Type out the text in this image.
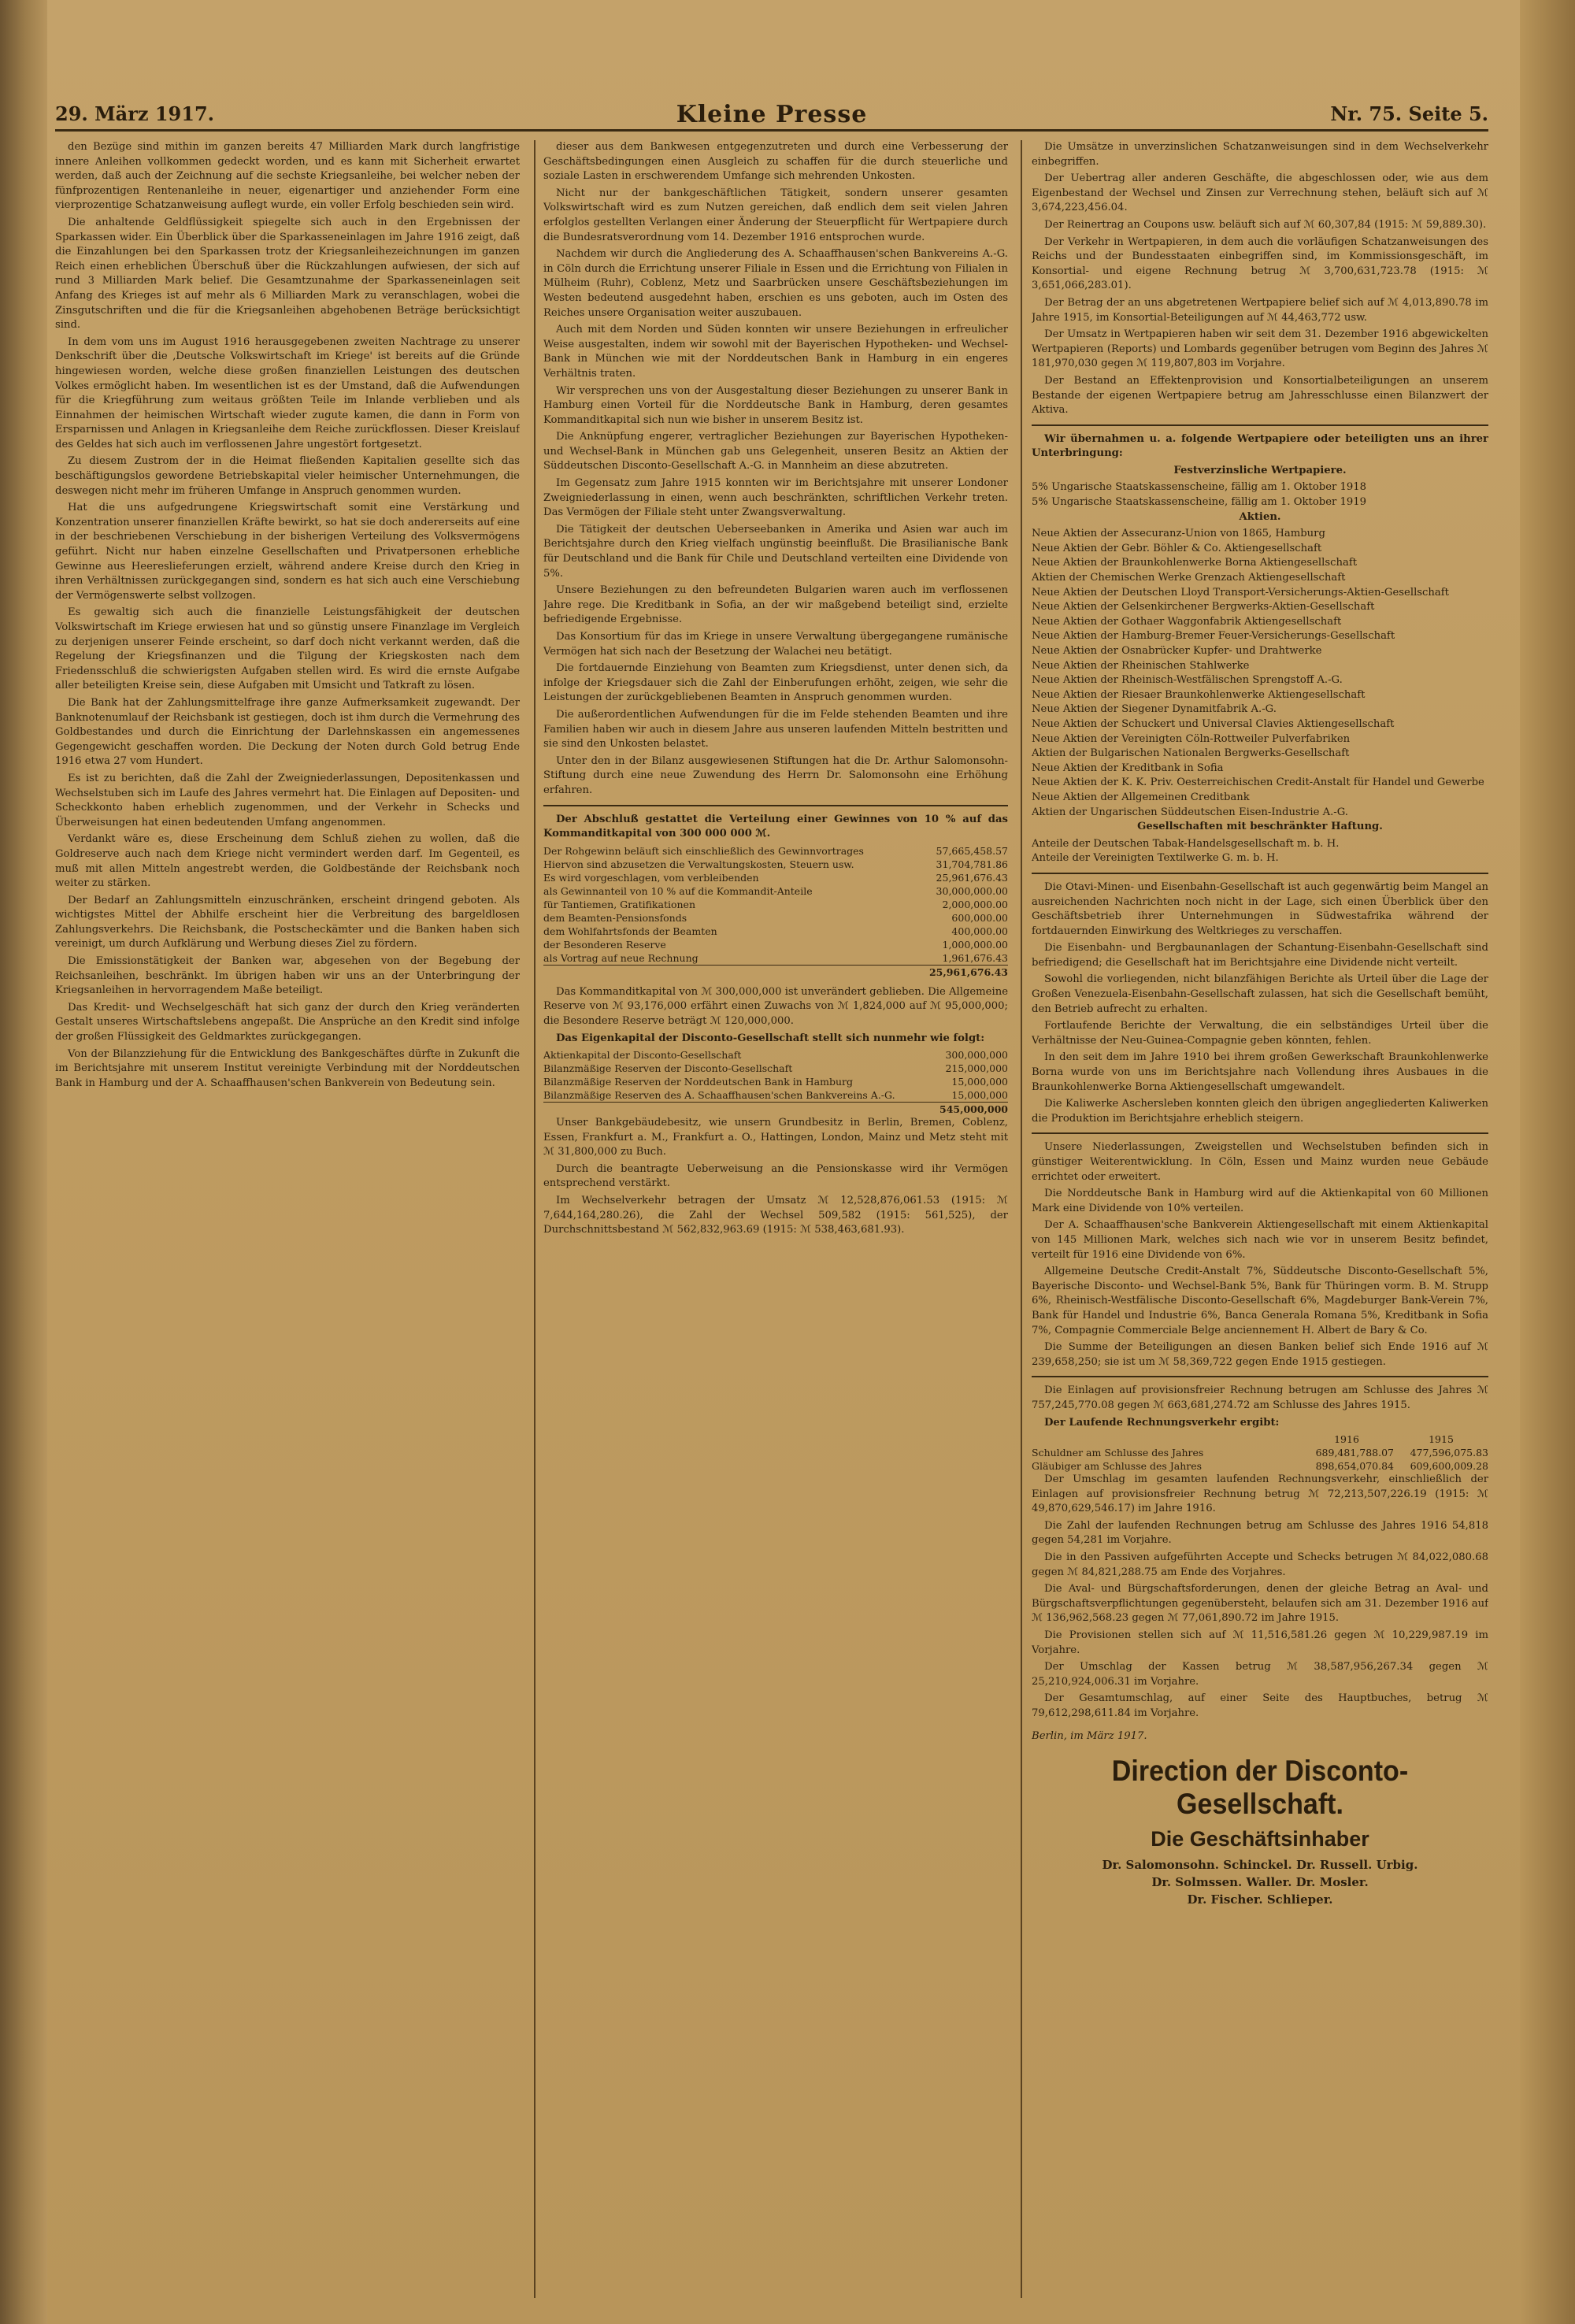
29. März 1917.	Kleine Presse	Nr. 75. Seite 5.

den Bezüge sind mithin im ganzen bereits 47 Milliarden Mark durch langfristige innere Anleihen vollkommen gedeckt worden, und es kann mit Sicherheit erwartet werden, daß auch der Zeichnung auf die sechste Kriegsanleihe, bei welcher neben der fünfprozentigen Rentenanleihe in neuer, eigenartiger und anziehender Form eine vierprozentige Schatzanweisung auflegt wurde, ein voller Erfolg beschieden sein wird.

Die anhaltende Geldflüssigkeit spiegelte sich auch in den Ergebnissen der Sparkassen wider. Ein Überblick über die Sparkasseneinlagen im Jahre 1916 zeigt, daß die Einzahlungen bei den Sparkassen trotz der Kriegsanleihezeichnungen im ganzen Reich einen erheblichen Überschuß über die Rückzahlungen aufwiesen, der sich auf rund 3 Milliarden Mark belief. Die Gesamtzunahme der Sparkasseneinlagen seit Anfang des Krieges ist auf mehr als 6 Milliarden Mark zu veranschlagen, wobei die Zinsgutschriften und die für die Kriegsanleihen abgehobenen Beträge berücksichtigt sind.

In dem vom uns im August 1916 herausgegebenen zweiten Nachtrage zu unserer Denkschrift über die ‚Deutsche Volkswirtschaft im Kriege' ist bereits auf die Gründe hingewiesen worden, welche diese großen finanziellen Leistungen des deutschen Volkes ermöglicht haben. Im wesentlichen ist es der Umstand, daß die Aufwendungen für die Kriegführung zum weitaus größten Teile im Inlande verblieben und als Einnahmen der heimischen Wirtschaft wieder zugute kamen, die dann in Form von Ersparnissen und Anlagen in Kriegsanleihe dem Reiche zurückflossen. Dieser Kreislauf des Geldes hat sich auch im verflossenen Jahre ungestört fortgesetzt.

Zu diesem Zustrom der in die Heimat fließenden Kapitalien gesellte sich das beschäftigungslos gewordene Betriebskapital vieler heimischer Unternehmungen, die deswegen nicht mehr im früheren Umfange in Anspruch genommen wurden.

Hat die uns aufgedrungene Kriegswirtschaft somit eine Verstärkung und Konzentration unserer finanziellen Kräfte bewirkt, so hat sie doch andererseits auf eine in der beschriebenen Verschiebung in der bisherigen Verteilung des Volksvermögens geführt. Nicht nur haben einzelne Gesellschaften und Privatpersonen erhebliche Gewinne aus Heereslieferungen erzielt, während andere Kreise durch den Krieg in ihren Verhältnissen zurückgegangen sind, sondern es hat sich auch eine Verschiebung der Vermögenswerte selbst vollzogen.

Es gewaltig sich auch die finanzielle Leistungsfähigkeit der deutschen Volkswirtschaft im Kriege erwiesen hat und so günstig unsere Finanzlage im Vergleich zu derjenigen unserer Feinde erscheint, so darf doch nicht verkannt werden, daß die Regelung der Kriegsfinanzen und die Tilgung der Kriegskosten nach dem Friedensschluß die schwierigsten Aufgaben stellen wird. Es wird die ernste Aufgabe aller beteiligten Kreise sein, diese Aufgaben mit Umsicht und Tatkraft zu lösen.

Die Bank hat der Zahlungsmittelfrage ihre ganze Aufmerksamkeit zugewandt. Der Banknotenumlauf der Reichsbank ist gestiegen, doch ist ihm durch die Vermehrung des Goldbestandes und durch die Einrichtung der Darlehnskassen ein angemessenes Gegengewicht geschaffen worden. Die Deckung der Noten durch Gold betrug Ende 1916 etwa 27 vom Hundert.

Es ist zu berichten, daß die Zahl der Zweigniederlassungen, Depositenkassen und Wechselstuben sich im Laufe des Jahres vermehrt hat. Die Einlagen auf Depositen- und Scheckkonto haben erheblich zugenommen, und der Verkehr in Schecks und Überweisungen hat einen bedeutenden Umfang angenommen.

Verdankt wäre es, diese Erscheinung dem Schluß ziehen zu wollen, daß die Goldreserve auch nach dem Kriege nicht vermindert werden darf. Im Gegenteil, es muß mit allen Mitteln angestrebt werden, die Goldbestände der Reichsbank noch weiter zu stärken.

Der Bedarf an Zahlungsmitteln einzuschränken, erscheint dringend geboten. Als wichtigstes Mittel der Abhilfe erscheint hier die Verbreitung des bargeldlosen Zahlungsverkehrs. Die Reichsbank, die Postscheckämter und die Banken haben sich vereinigt, um durch Aufklärung und Werbung dieses Ziel zu fördern.

Die Emissionstätigkeit der Banken war, abgesehen von der Begebung der Reichsanleihen, beschränkt. Im übrigen haben wir uns an der Unterbringung der Kriegsanleihen in hervorragendem Maße beteiligt.

Das Kredit- und Wechselgeschäft hat sich ganz der durch den Krieg veränderten Gestalt unseres Wirtschaftslebens angepaßt. Die Ansprüche an den Kredit sind infolge der großen Flüssigkeit des Geldmarktes zurückgegangen.

Von der Bilanzziehung für die Entwicklung des Bankgeschäftes dürfte in Zukunft die im Berichtsjahre mit unserem Institut vereinigte Verbindung mit der Norddeutschen Bank in Hamburg und der A. Schaaffhausen'schen Bankverein von Bedeutung sein.

dieser aus dem Bankwesen entgegenzutreten und durch eine Verbesserung der Geschäftsbedingungen einen Ausgleich zu schaffen für die durch steuerliche und soziale Lasten in erschwerendem Umfange sich mehrenden Unkosten.

Nicht nur der bankgeschäftlichen Tätigkeit, sondern unserer gesamten Volkswirtschaft wird es zum Nutzen gereichen, daß endlich dem seit vielen Jahren erfolglos gestellten Verlangen einer Änderung der Steuerpflicht für Wertpapiere durch die Bundesratsverordnung vom 14. Dezember 1916 entsprochen wurde.

Nachdem wir durch die Angliederung des A. Schaaffhausen'schen Bankvereins A.-G. in Cöln durch die Errichtung unserer Filiale in Essen und die Errichtung von Filialen in Mülheim (Ruhr), Coblenz, Metz und Saarbrücken unsere Geschäftsbeziehungen im Westen bedeutend ausgedehnt haben, erschien es uns geboten, auch im Osten des Reiches unsere Organisation weiter auszubauen.

Auch mit dem Norden und Süden konnten wir unsere Beziehungen in erfreulicher Weise ausgestalten, indem wir sowohl mit der Bayerischen Hypotheken- und Wechsel-Bank in München wie mit der Norddeutschen Bank in Hamburg in ein engeres Verhältnis traten.

Wir versprechen uns von der Ausgestaltung dieser Beziehungen zu unserer Bank in Hamburg einen Vorteil für die Norddeutsche Bank in Hamburg, deren gesamtes Kommanditkapital sich nun wie bisher in unserem Besitz ist.

Die Anknüpfung engerer, vertraglicher Beziehungen zur Bayerischen Hypotheken- und Wechsel-Bank in München gab uns Gelegenheit, unseren Besitz an Aktien der Süddeutschen Disconto-Gesellschaft A.-G. in Mannheim an diese abzutreten.

Im Gegensatz zum Jahre 1915 konnten wir im Berichtsjahre mit unserer Londoner Zweigniederlassung in einen, wenn auch beschränkten, schriftlichen Verkehr treten. Das Vermögen der Filiale steht unter Zwangsverwaltung.

Die Tätigkeit der deutschen Ueberseebanken in Amerika und Asien war auch im Berichtsjahre durch den Krieg vielfach ungünstig beeinflußt. Die Brasilianische Bank für Deutschland und die Bank für Chile und Deutschland verteilten eine Dividende von 5%.

Unsere Beziehungen zu den befreundeten Bulgarien waren auch im verflossenen Jahre rege. Die Kreditbank in Sofia, an der wir maßgebend beteiligt sind, erzielte befriedigende Ergebnisse.

Das Konsortium für das im Kriege in unsere Verwaltung übergegangene rumänische Vermögen hat sich nach der Besetzung der Walachei neu betätigt.

Die fortdauernde Einziehung von Beamten zum Kriegsdienst, unter denen sich, da infolge der Kriegsdauer sich die Zahl der Einberufungen erhöht, zeigen, wie sehr die Leistungen der zurückgebliebenen Beamten in Anspruch genommen wurden.

Die außerordentlichen Aufwendungen für die im Felde stehenden Beamten und ihre Familien haben wir auch in diesem Jahre aus unseren laufenden Mitteln bestritten und sie sind den Unkosten belastet.

Unter den in der Bilanz ausgewiesenen Stiftungen hat die Dr. Arthur Salomonsohn-Stiftung durch eine neue Zuwendung des Herrn Dr. Salomonsohn eine Erhöhung erfahren.

Der Abschluß gestattet die Verteilung einer Gewinnes von 10 % auf das Kommanditkapital von 300 000 000 ℳ.

Der Rohgewinn beläuft sich einschließlich des Gewinnvortrages	57,665,458.57
Hiervon sind abzusetzen die Verwaltungskosten, Steuern usw.	31,704,781.86
Es wird vorgeschlagen, vom verbleibenden	25,961,676.43
als Gewinnanteil von 10 % auf die Kommandit-Anteile	30,000,000.00
für Tantiemen, Gratifikationen	2,000,000.00
dem Beamten-Pensionsfonds	600,000.00
dem Wohlfahrtsfonds der Beamten	400,000.00
der Besonderen Reserve	1,000,000.00
als Vortrag auf neue Rechnung	1,961,676.43
25,961,676.43

Das Kommanditkapital von ℳ 300,000,000 ist unverändert geblieben. Die Allgemeine Reserve von ℳ 93,176,000 erfährt einen Zuwachs von ℳ 1,824,000 auf ℳ 95,000,000; die Besondere Reserve beträgt ℳ 120,000,000.

Das Eigenkapital der Disconto-Gesellschaft stellt sich nunmehr wie folgt:

Aktienkapital der Disconto-Gesellschaft	300,000,000
Bilanzmäßige Reserven der Disconto-Gesellschaft	215,000,000
Bilanzmäßige Reserven der Norddeutschen Bank in Hamburg	15,000,000
Bilanzmäßige Reserven des A. Schaaffhausen'schen Bankvereins A.-G.	15,000,000
545,000,000

Unser Bankgebäudebesitz, wie unsern Grundbesitz in Berlin, Bremen, Coblenz, Essen, Frankfurt a. M., Frankfurt a. O., Hattingen, London, Mainz und Metz steht mit ℳ 31,800,000 zu Buch.

Durch die beantragte Ueberweisung an die Pensionskasse wird ihr Vermögen entsprechend verstärkt.

Im Wechselverkehr betragen der Umsatz ℳ 12,528,876,061.53 (1915: ℳ 7,644,164,280.26), die Zahl der Wechsel 509,582 (1915: 561,525), der Durchschnittsbestand ℳ 562,832,963.69 (1915: ℳ 538,463,681.93).

Die Umsätze in unverzinslichen Schatzanweisungen sind in dem Wechselverkehr einbegriffen.

Der Uebertrag aller anderen Geschäfte, die abgeschlossen oder, wie aus dem Eigenbestand der Wechsel und Zinsen zur Verrechnung stehen, beläuft sich auf ℳ 3,674,223,456.04.

Der Reinertrag an Coupons usw. beläuft sich auf ℳ 60,307,84 (1915: ℳ 59,889.30).

Der Verkehr in Wertpapieren, in dem auch die vorläufigen Schatzanweisungen des Reichs und der Bundesstaaten einbegriffen sind, im Kommissionsgeschäft, im Konsortial- und eigene Rechnung betrug ℳ 3,700,631,723.78 (1915: ℳ 3,651,066,283.01).

Der Betrag der an uns abgetretenen Wertpapiere belief sich auf ℳ 4,013,890.78 im Jahre 1915, im Konsortial-Beteiligungen auf ℳ 44,463,772 usw.

Der Umsatz in Wertpapieren haben wir seit dem 31. Dezember 1916 abgewickelten Wertpapieren (Reports) und Lombards gegenüber betrugen vom Beginn des Jahres ℳ 181,970,030 gegen ℳ 119,807,803 im Vorjahre.

Der Bestand an Effektenprovision und Konsortialbeteiligungen an unserem Bestande der eigenen Wertpapiere betrug am Jahresschlusse einen Bilanzwert der Aktiva.

Wir übernahmen u. a. folgende Wertpapiere oder beteiligten uns an ihrer Unterbringung:

Festverzinsliche Wertpapiere.

5% Ungarische Staatskassenscheine, fällig am 1. Oktober 1918
5% Ungarische Staatskassenscheine, fällig am 1. Oktober 1919

Aktien.

Neue Aktien der Assecuranz-Union von 1865, Hamburg
Neue Aktien der Gebr. Böhler & Co. Aktiengesellschaft
Neue Aktien der Braunkohlenwerke Borna Aktiengesellschaft
Aktien der Chemischen Werke Grenzach Aktiengesellschaft
Neue Aktien der Deutschen Lloyd Transport-Versicherungs-Aktien-Gesellschaft
Neue Aktien der Gelsenkirchener Bergwerks-Aktien-Gesellschaft
Neue Aktien der Gothaer Waggonfabrik Aktiengesellschaft
Neue Aktien der Hamburg-Bremer Feuer-Versicherungs-Gesellschaft
Neue Aktien der Osnabrücker Kupfer- und Drahtwerke
Neue Aktien der Rheinischen Stahlwerke
Neue Aktien der Rheinisch-Westfälischen Sprengstoff A.-G.
Neue Aktien der Riesaer Braunkohlenwerke Aktiengesellschaft
Neue Aktien der Siegener Dynamitfabrik A.-G.
Neue Aktien der Schuckert und Universal Clavies Aktiengesellschaft
Neue Aktien der Vereinigten Cöln-Rottweiler Pulverfabriken
Aktien der Bulgarischen Nationalen Bergwerks-Gesellschaft
Neue Aktien der Kreditbank in Sofia
Neue Aktien der K. K. Priv. Oesterreichischen Credit-Anstalt für Handel und Gewerbe
Neue Aktien der Allgemeinen Creditbank
Aktien der Ungarischen Süddeutschen Eisen-Industrie A.-G.

Gesellschaften mit beschränkter Haftung.

Anteile der Deutschen Tabak-Handelsgesellschaft m. b. H.
Anteile der Vereinigten Textilwerke G. m. b. H.

Die Otavi-Minen- und Eisenbahn-Gesellschaft ist auch gegenwärtig beim Mangel an ausreichenden Nachrichten noch nicht in der Lage, sich einen Überblick über den Geschäftsbetrieb ihrer Unternehmungen in Südwestafrika während der fortdauernden Einwirkung des Weltkrieges zu verschaffen.

Die Eisenbahn- und Bergbaunanlagen der Schantung-Eisenbahn-Gesellschaft sind befriedigend; die Gesellschaft hat im Berichtsjahre eine Dividende nicht verteilt.

Sowohl die vorliegenden, nicht bilanzfähigen Berichte als Urteil über die Lage der Großen Venezuela-Eisenbahn-Gesellschaft zulassen, hat sich die Gesellschaft bemüht, den Betrieb aufrecht zu erhalten.

Fortlaufende Berichte der Verwaltung, die ein selbständiges Urteil über die Verhältnisse der Neu-Guinea-Compagnie geben könnten, fehlen.

In den seit dem im Jahre 1910 bei ihrem großen Gewerkschaft Braunkohlenwerke Borna wurde von uns im Berichtsjahre nach Vollendung ihres Ausbaues in die Braunkohlenwerke Borna Aktiengesellschaft umgewandelt.

Die Kaliwerke Aschersleben konnten gleich den übrigen angegliederten Kaliwerken die Produktion im Berichtsjahre erheblich steigern.

Unsere Niederlassungen, Zweigstellen und Wechselstuben befinden sich in günstiger Weiterentwicklung. In Cöln, Essen und Mainz wurden neue Gebäude errichtet oder erweitert.

Die Norddeutsche Bank in Hamburg wird auf die Aktienkapital von 60 Millionen Mark eine Dividende von 10% verteilen.

Der A. Schaaffhausen'sche Bankverein Aktiengesellschaft mit einem Aktienkapital von 145 Millionen Mark, welches sich nach wie vor in unserem Besitz befindet, verteilt für 1916 eine Dividende von 6%.

Allgemeine Deutsche Credit-Anstalt 7%, Süddeutsche Disconto-Gesellschaft 5%, Bayerische Disconto- und Wechsel-Bank 5%, Bank für Thüringen vorm. B. M. Strupp 6%, Rheinisch-Westfälische Disconto-Gesellschaft 6%, Magdeburger Bank-Verein 7%, Bank für Handel und Industrie 6%, Banca Generala Romana 5%, Kreditbank in Sofia 7%, Compagnie Commerciale Belge anciennement H. Albert de Bary & Co.

Die Summe der Beteiligungen an diesen Banken belief sich Ende 1916 auf ℳ 239,658,250; sie ist um ℳ 58,369,722 gegen Ende 1915 gestiegen.

Die Einlagen auf provisionsfreier Rechnung betrugen am Schlusse des Jahres ℳ 757,245,770.08 gegen ℳ 663,681,274.72 am Schlusse des Jahres 1915.

Der Laufende Rechnungsverkehr ergibt:

1916	1915
Schuldner am Schlusse des Jahres	689,481,788.07	477,596,075.83
Gläubiger am Schlusse des Jahres	898,654,070.84	609,600,009.28

Der Umschlag im gesamten laufenden Rechnungsverkehr, einschließlich der Einlagen auf provisionsfreier Rechnung betrug ℳ 72,213,507,226.19 (1915: ℳ 49,870,629,546.17) im Jahre 1916.

Die Zahl der laufenden Rechnungen betrug am Schlusse des Jahres 1916 54,818 gegen 54,281 im Vorjahre.

Die in den Passiven aufgeführten Accepte und Schecks betrugen ℳ 84,022,080.68 gegen ℳ 84,821,288.75 am Ende des Vorjahres.

Die Aval- und Bürgschaftsforderungen, denen der gleiche Betrag an Aval- und Bürgschaftsverpflichtungen gegenübersteht, belaufen sich am 31. Dezember 1916 auf ℳ 136,962,568.23 gegen ℳ 77,061,890.72 im Jahre 1915.

Die Provisionen stellen sich auf ℳ 11,516,581.26 gegen ℳ 10,229,987.19 im Vorjahre.

Der Umschlag der Kassen betrug ℳ 38,587,956,267.34 gegen ℳ 25,210,924,006.31 im Vorjahre.

Der Gesamtumschlag, auf einer Seite des Hauptbuches, betrug ℳ 79,612,298,611.84 im Vorjahre.

Berlin, im März 1917.
Direction der Disconto-Gesellschaft.
Die Geschäftsinhaber
Dr. Salomonsohn. Schinckel. Dr. Russell. Urbig.
Dr. Solmssen. Waller. Dr. Mosler.
Dr. Fischer. Schlieper.
